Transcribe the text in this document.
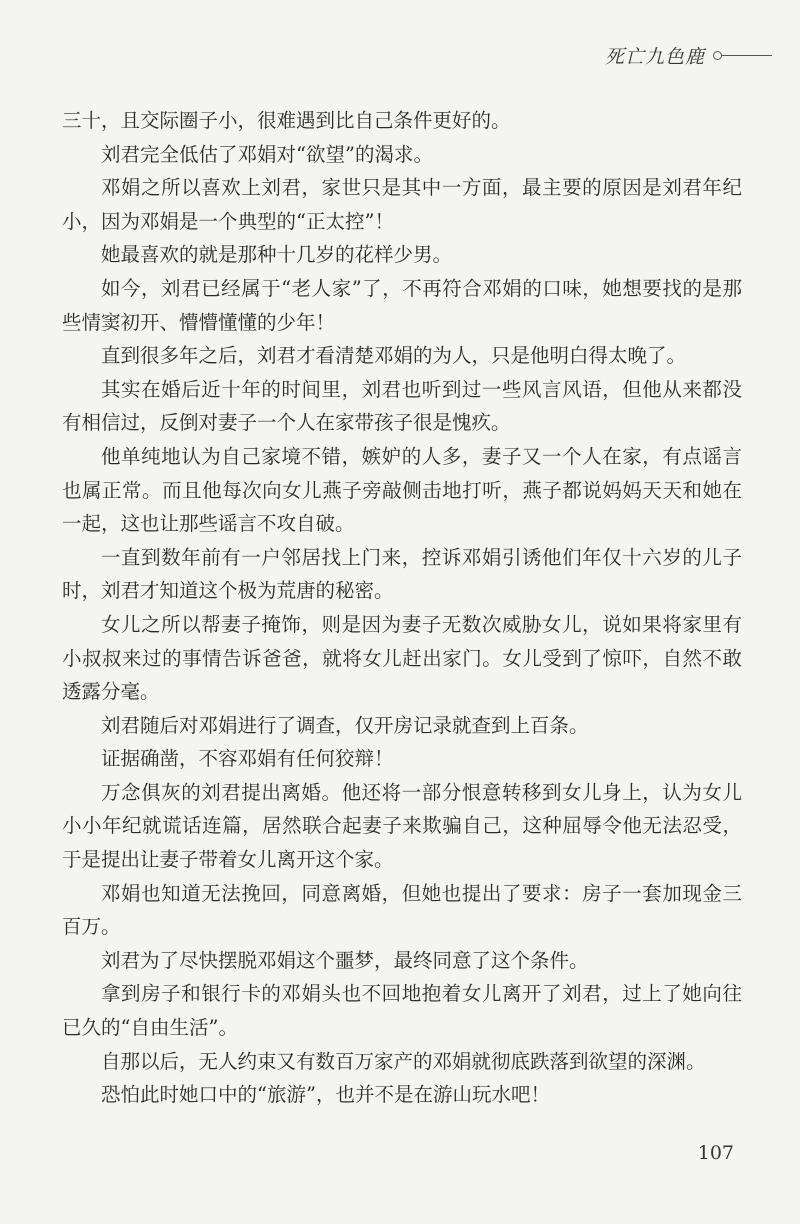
死亡九色鹿

三十，且交际圈子小，很难遇到比自己条件更好的。

刘君完全低估了邓娟对“欲望”的渴求。

邓娟之所以喜欢上刘君，家世只是其中一方面，最主要的原因是刘君年纪小，因为邓娟是一个典型的“正太控”！

她最喜欢的就是那种十几岁的花样少男。

如今，刘君已经属于“老人家”了，不再符合邓娟的口味，她想要找的是那些情窦初开、懵懵懂懂的少年！

直到很多年之后，刘君才看清楚邓娟的为人，只是他明白得太晚了。

其实在婚后近十年的时间里，刘君也听到过一些风言风语，但他从来都没有相信过，反倒对妻子一个人在家带孩子很是愧疚。

他单纯地认为自己家境不错，嫉妒的人多，妻子又一个人在家，有点谣言也属正常。而且他每次向女儿燕子旁敲侧击地打听，燕子都说妈妈天天和她在一起，这也让那些谣言不攻自破。

一直到数年前有一户邻居找上门来，控诉邓娟引诱他们年仅十六岁的儿子时，刘君才知道这个极为荒唐的秘密。

女儿之所以帮妻子掩饰，则是因为妻子无数次威胁女儿，说如果将家里有小叔叔来过的事情告诉爸爸，就将女儿赶出家门。女儿受到了惊吓，自然不敢透露分毫。

刘君随后对邓娟进行了调查，仅开房记录就查到上百条。

证据确凿，不容邓娟有任何狡辩！

万念俱灰的刘君提出离婚。他还将一部分恨意转移到女儿身上，认为女儿小小年纪就谎话连篇，居然联合起妻子来欺骗自己，这种屈辱令他无法忍受，于是提出让妻子带着女儿离开这个家。

邓娟也知道无法挽回，同意离婚，但她也提出了要求：房子一套加现金三百万。

刘君为了尽快摆脱邓娟这个噩梦，最终同意了这个条件。

拿到房子和银行卡的邓娟头也不回地抱着女儿离开了刘君，过上了她向往已久的“自由生活”。

自那以后，无人约束又有数百万家产的邓娟就彻底跌落到欲望的深渊。

恐怕此时她口中的“旅游”，也并不是在游山玩水吧！

107
